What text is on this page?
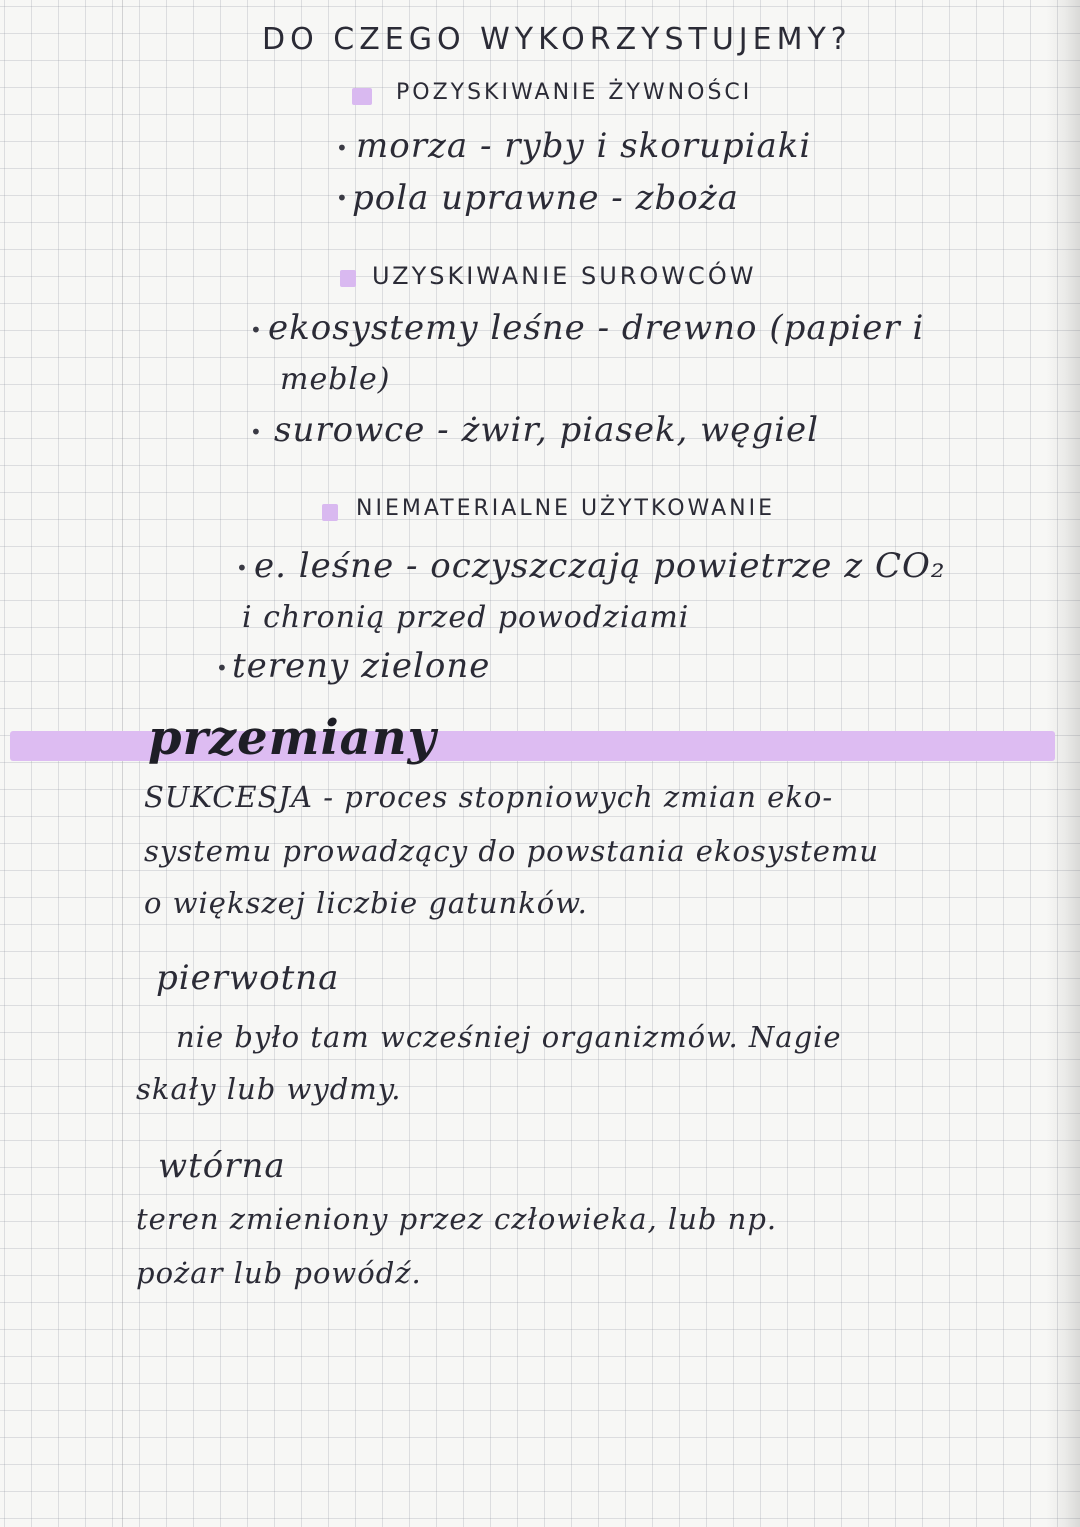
DO CZEGO WYKORZYSTUJEMY?
POZYSKIWANIE ŻYWNOŚCI
• morza - ryby i skorupiaki
• pola uprawne - zboża
UZYSKIWANIE SUROWCÓW
• ekosystemy leśne - drewno (papier i
meble)
• surowce - żwir, piasek, węgiel
NIEMATERIALNE UŻYTKOWANIE
• e. leśne - oczyszczają powietrze z CO₂
i chronią przed powodziami
• tereny zielone
przemiany
SUKCESJA - proces stopniowych zmian eko-
systemu prowadzący do powstania ekosystemu
o większej liczbie gatunków.
pierwotna
nie było tam wcześniej organizmów. Nagie
skały lub wydmy.
wtórna
teren zmieniony przez człowieka, lub np.
pożar lub powódź.
